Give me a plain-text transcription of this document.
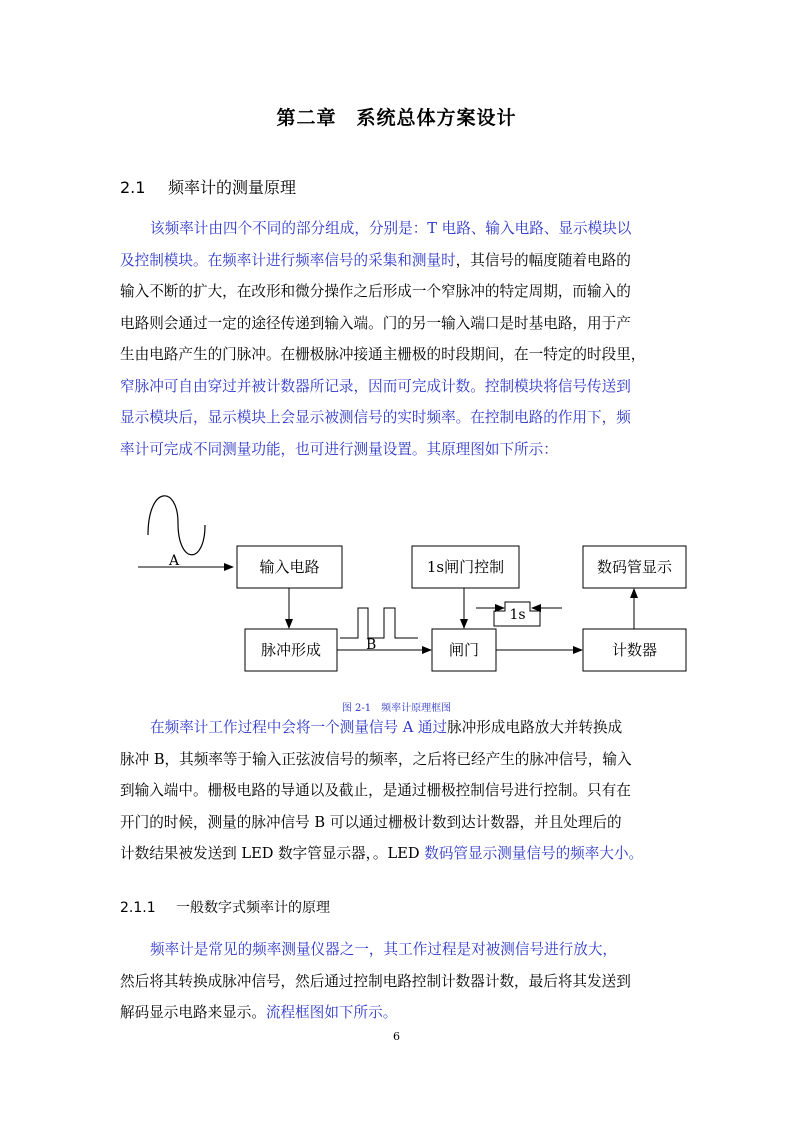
第二章　系统总体方案设计
2.1 频率计的测量原理
该频率计由四个不同的部分组成，分别是：T 电路、输入电路、显示模块以
及控制模块。在频率计进行频率信号的采集和测量时，其信号的幅度随着电路的
输入不断的扩大，在改形和微分操作之后形成一个窄脉冲的特定周期，而输入的
电路则会通过一定的途径传递到输入端。门的另一输入端口是时基电路，用于产
生由电路产生的门脉冲。在栅极脉冲接通主栅极的时段期间，在一特定的时段里，
窄脉冲可自由穿过并被计数器所记录，因而可完成计数。控制模块将信号传送到
显示模块后，显示模块上会显示被测信号的实时频率。在控制电路的作用下，频
率计可完成不同测量功能，也可进行测量设置。其原理图如下所示：
A	输入电路	1s闸门控制	数码管显示
脉冲形成	闸门	计数器
B
1s
图 2-1　频率计原理框图
在频率计工作过程中会将一个测量信号 A 通过脉冲形成电路放大并转换成
脉冲 B，其频率等于输入正弦波信号的频率，之后将已经产生的脉冲信号，输入
到输入端中。栅极电路的导通以及截止，是通过栅极控制信号进行控制。只有在
开门的时候，测量的脉冲信号 B 可以通过栅极计数到达计数器，并且处理后的
计数结果被发送到 LED 数字管显示器，。LED 数码管显示测量信号的频率大小。
2.1.1 一般数字式频率计的原理
频率计是常见的频率测量仪器之一，其工作过程是对被测信号进行放大，
然后将其转换成脉冲信号，然后通过控制电路控制计数器计数，最后将其发送到
解码显示电路来显示。流程框图如下所示。
6
